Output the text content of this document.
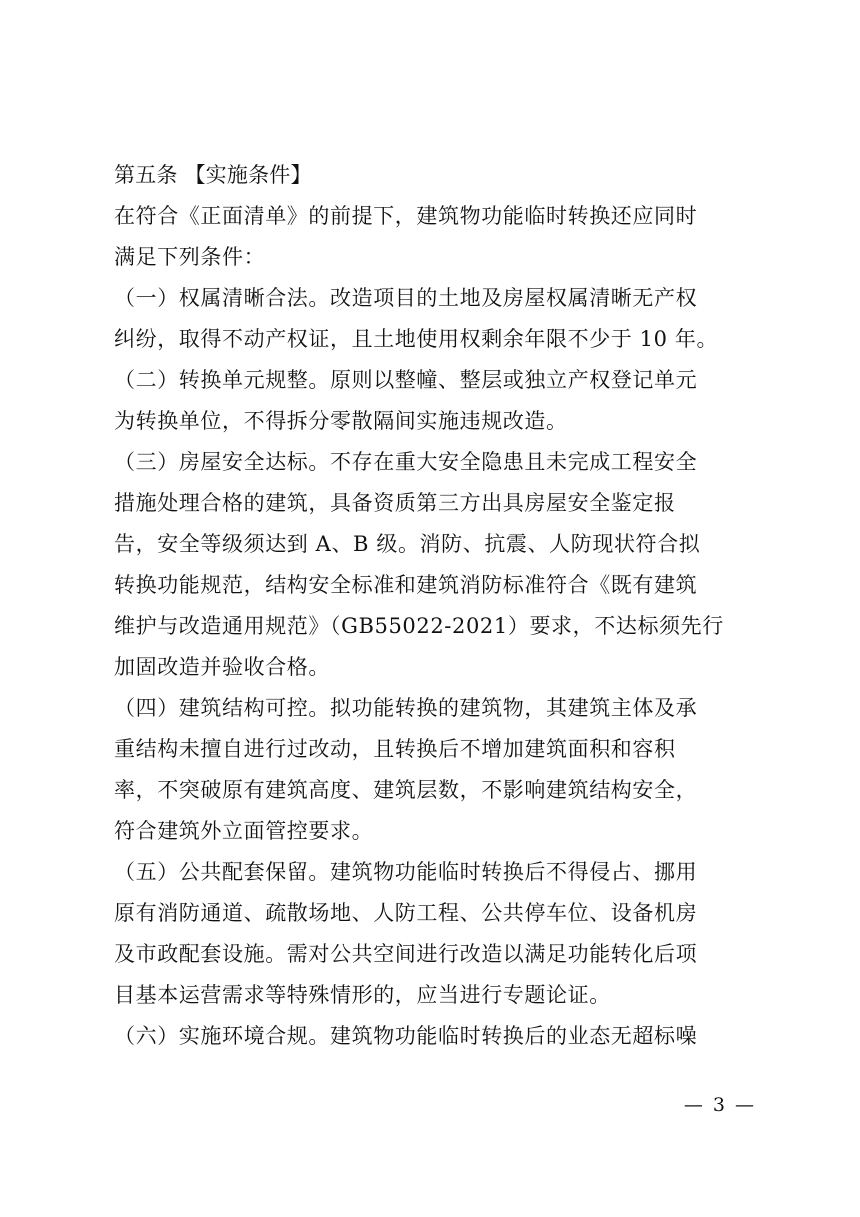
第五条 【实施条件】
在符合《正面清单》的前提下，建筑物功能临时转换还应同时
满足下列条件：
（一）权属清晰合法。改造项目的土地及房屋权属清晰无产权
纠纷，取得不动产权证，且土地使用权剩余年限不少于 10 年。
（二）转换单元规整。原则以整幢、整层或独立产权登记单元
为转换单位，不得拆分零散隔间实施违规改造。
（三）房屋安全达标。不存在重大安全隐患且未完成工程安全
措施处理合格的建筑，具备资质第三方出具房屋安全鉴定报
告，安全等级须达到 A、B 级。消防、抗震、人防现状符合拟
转换功能规范，结构安全标准和建筑消防标准符合《既有建筑
维护与改造通用规范》（GB55022-2021）要求，不达标须先行
加固改造并验收合格。
（四）建筑结构可控。拟功能转换的建筑物，其建筑主体及承
重结构未擅自进行过改动，且转换后不增加建筑面积和容积
率，不突破原有建筑高度、建筑层数，不影响建筑结构安全，
符合建筑外立面管控要求。
（五）公共配套保留。建筑物功能临时转换后不得侵占、挪用
原有消防通道、疏散场地、人防工程、公共停车位、设备机房
及市政配套设施。需对公共空间进行改造以满足功能转化后项
目基本运营需求等特殊情形的，应当进行专题论证。
（六）实施环境合规。建筑物功能临时转换后的业态无超标噪
— 3 —
